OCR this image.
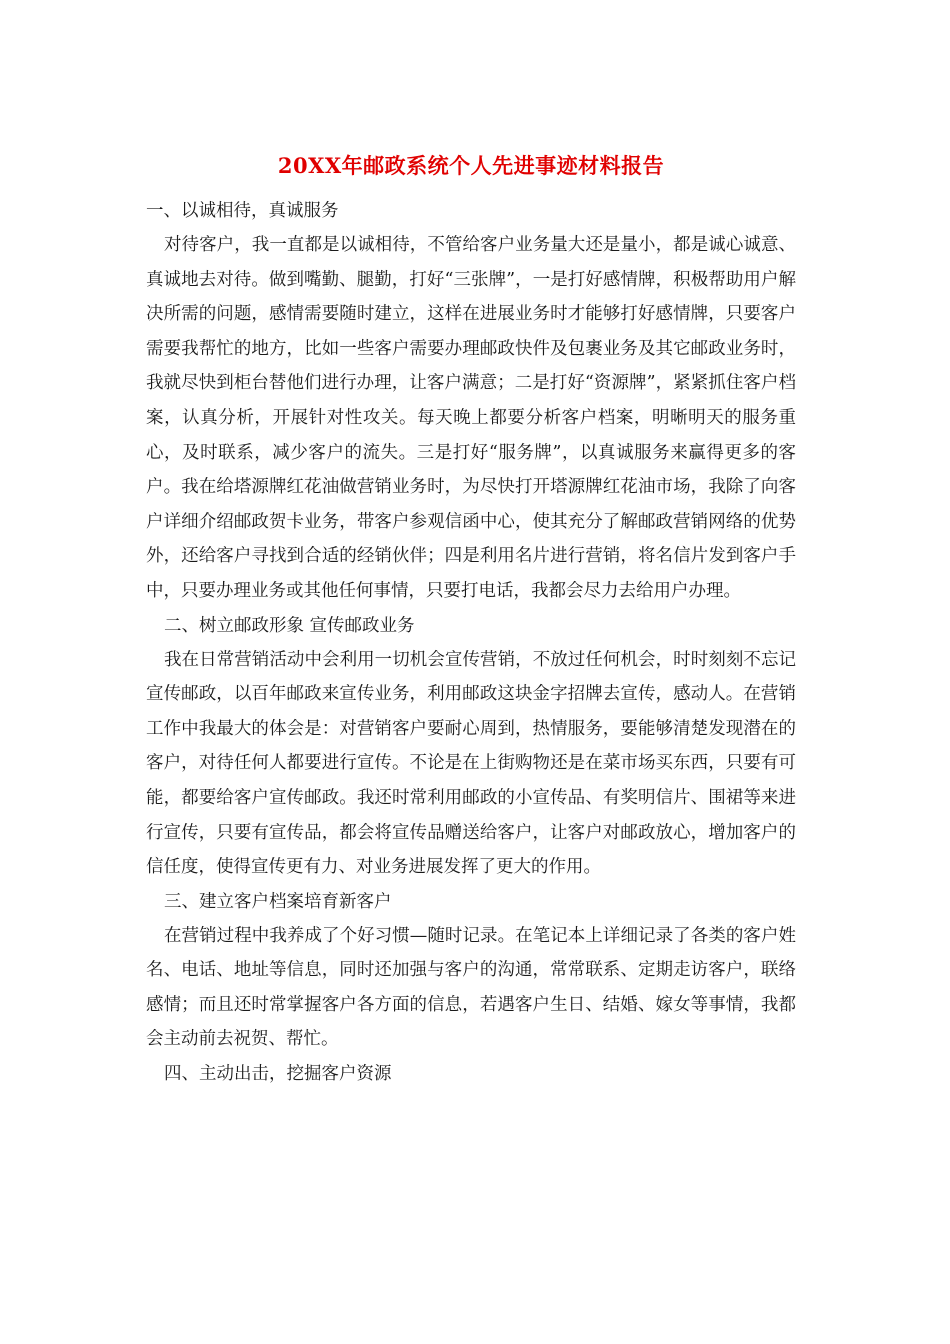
20XX年邮政系统个人先进事迹材料报告

一、以诚相待，真诚服务

对待客户，我一直都是以诚相待，不管给客户业务量大还是量小，都是诚心诚意、真诚地去对待。做到嘴勤、腿勤，打好“三张牌”，一是打好感情牌，积极帮助用户解决所需的问题，感情需要随时建立，这样在进展业务时才能够打好感情牌，只要客户需要我帮忙的地方，比如一些客户需要办理邮政快件及包裹业务及其它邮政业务时，我就尽快到柜台替他们进行办理，让客户满意；二是打好“资源牌”，紧紧抓住客户档案，认真分析，开展针对性攻关。每天晚上都要分析客户档案，明晰明天的服务重心，及时联系，减少客户的流失。三是打好“服务牌”，以真诚服务来赢得更多的客户。我在给塔源牌红花油做营销业务时，为尽快打开塔源牌红花油市场，我除了向客户详细介绍邮政贺卡业务，带客户参观信函中心，使其充分了解邮政营销网络的优势外，还给客户寻找到合适的经销伙伴；四是利用名片进行营销，将名信片发到客户手中，只要办理业务或其他任何事情，只要打电话，我都会尽力去给用户办理。

二、树立邮政形象 宣传邮政业务

我在日常营销活动中会利用一切机会宣传营销，不放过任何机会，时时刻刻不忘记宣传邮政，以百年邮政来宣传业务，利用邮政这块金字招牌去宣传，感动人。在营销工作中我最大的体会是：对营销客户要耐心周到，热情服务，要能够清楚发现潜在的客户，对待任何人都要进行宣传。不论是在上街购物还是在菜市场买东西，只要有可能，都要给客户宣传邮政。我还时常利用邮政的小宣传品、有奖明信片、围裙等来进行宣传，只要有宣传品，都会将宣传品赠送给客户，让客户对邮政放心，增加客户的信任度，使得宣传更有力、对业务进展发挥了更大的作用。

三、建立客户档案培育新客户

在营销过程中我养成了个好习惯—随时记录。在笔记本上详细记录了各类的客户姓名、电话、地址等信息，同时还加强与客户的沟通，常常联系、定期走访客户，联络感情；而且还时常掌握客户各方面的信息，若遇客户生日、结婚、嫁女等事情，我都会主动前去祝贺、帮忙。

四、主动出击，挖掘客户资源
